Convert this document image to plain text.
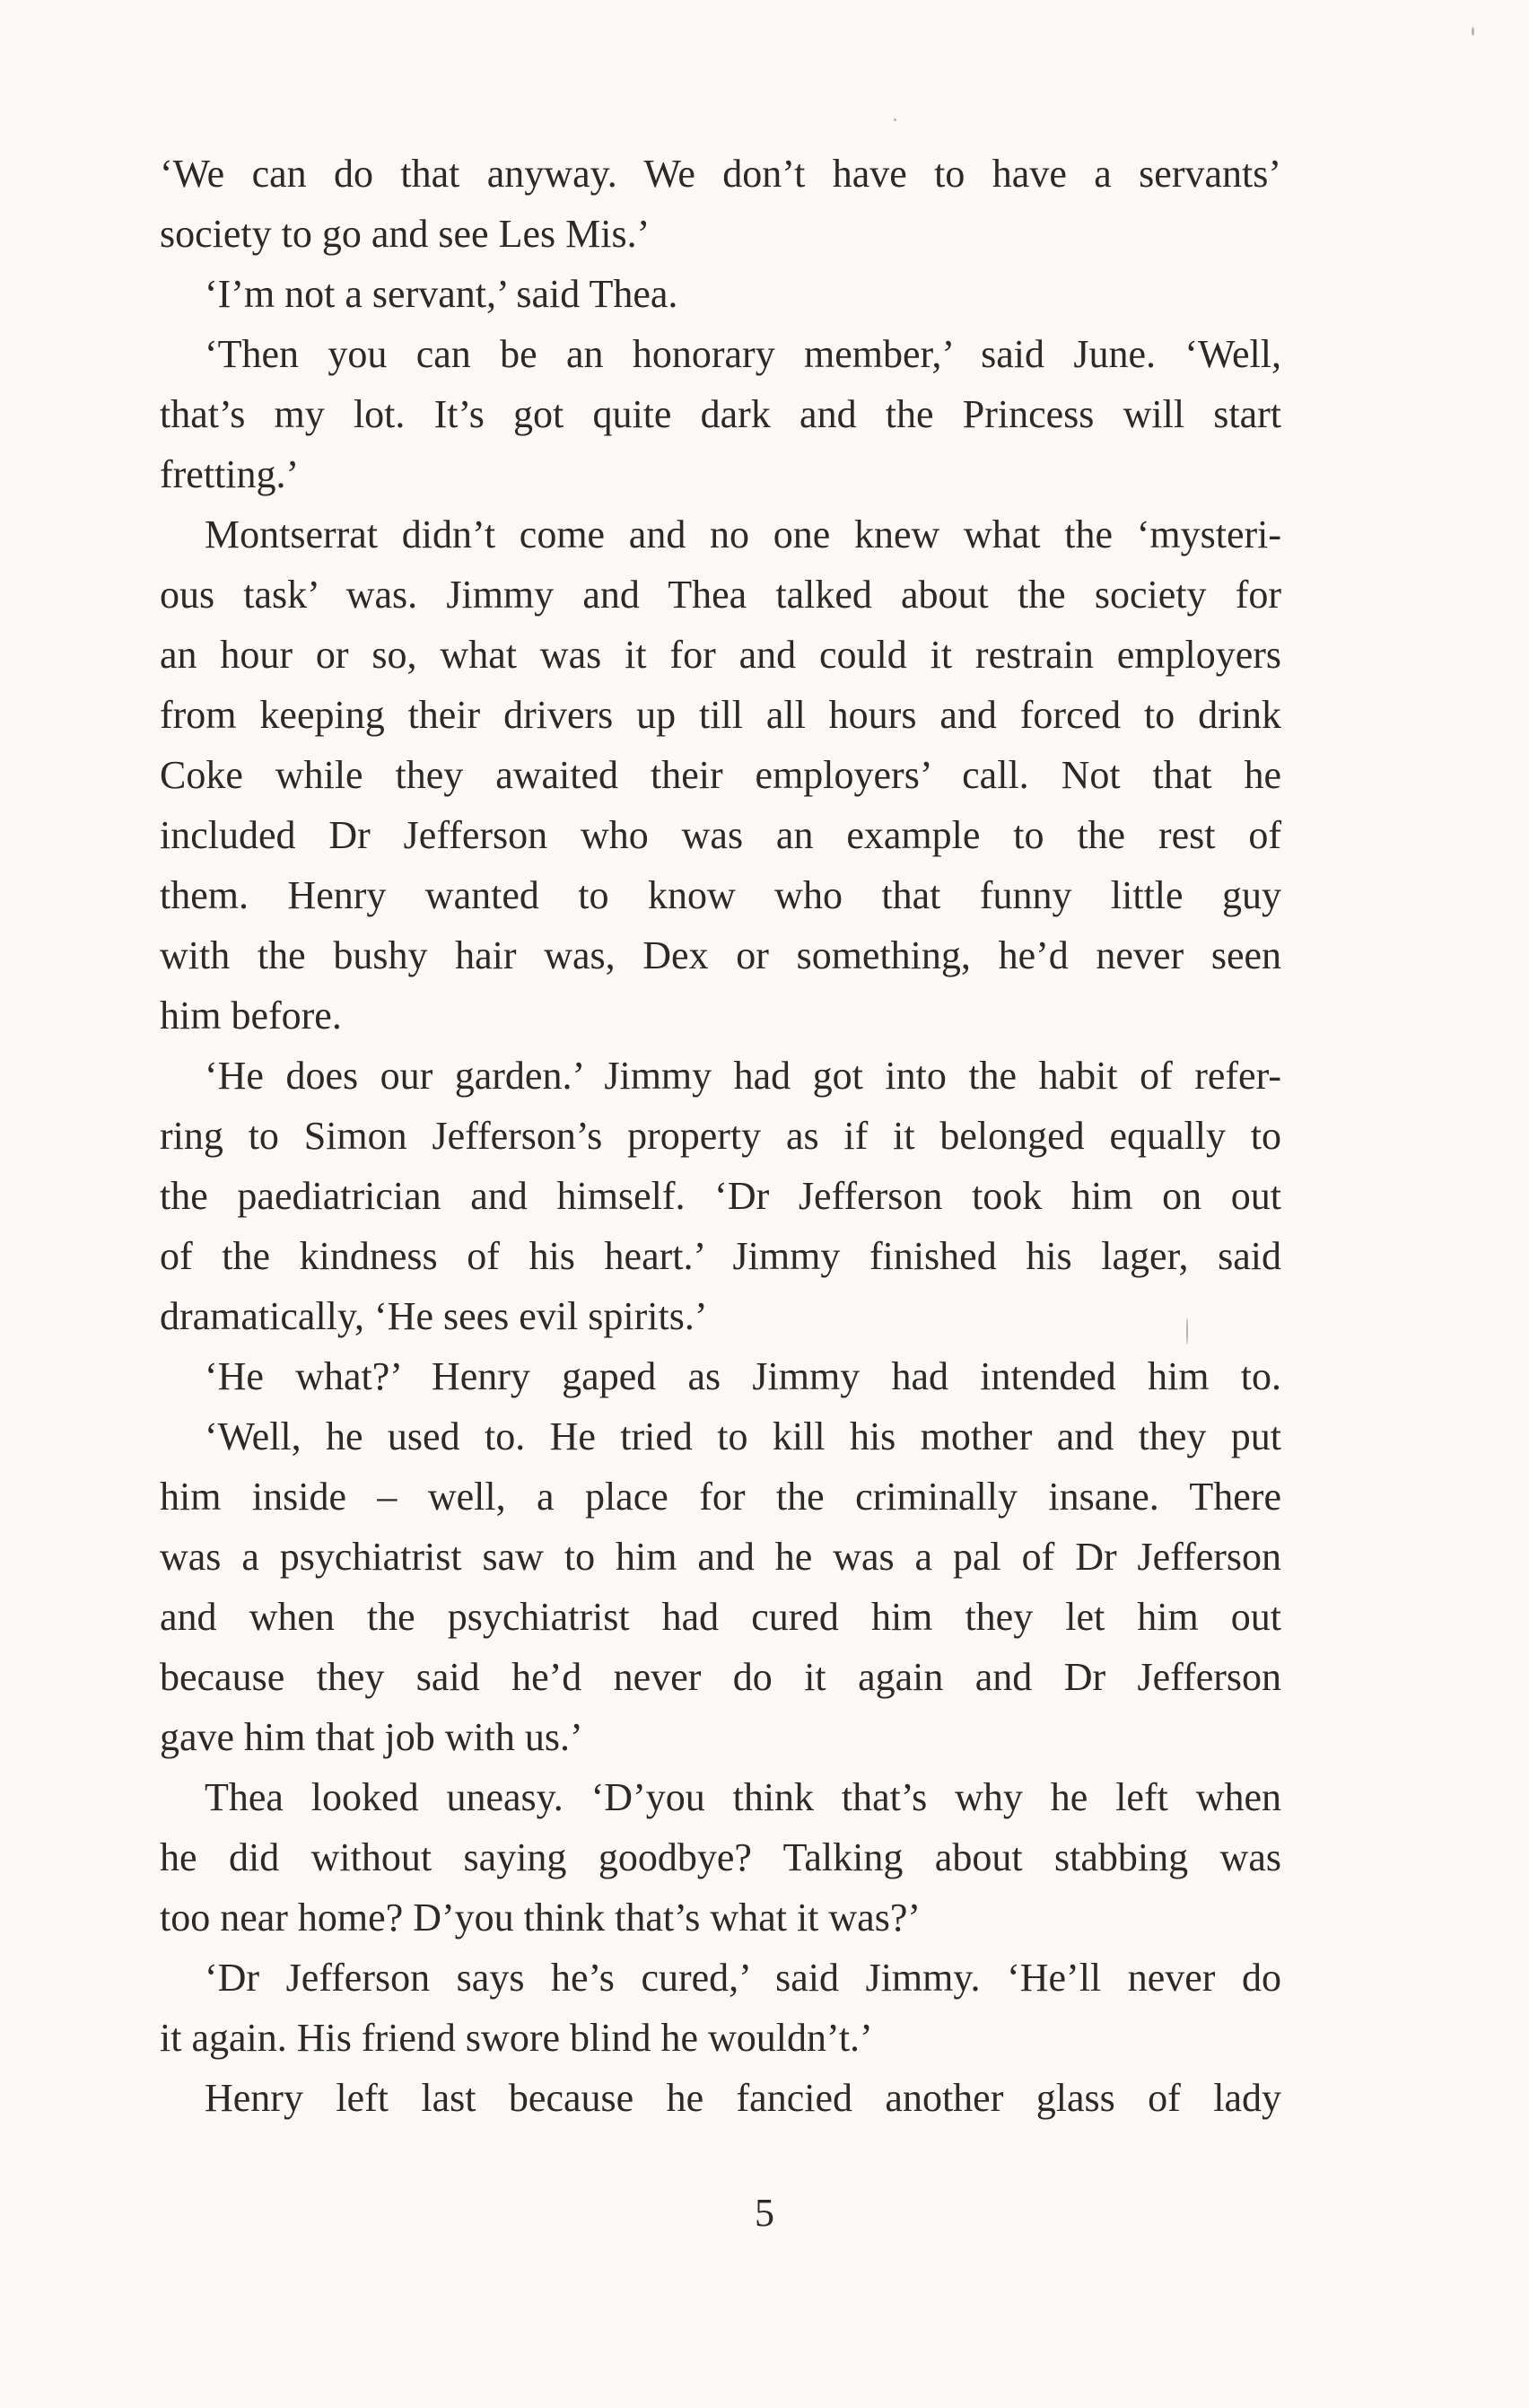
‘We can do that anyway. We don’t have to have a servants’
society to go and see Les Mis.’
‘I’m not a servant,’ said Thea.
‘Then you can be an honorary member,’ said June. ‘Well,
that’s my lot. It’s got quite dark and the Princess will start
fretting.’
Montserrat didn’t come and no one knew what the ‘mysteri-
ous task’ was. Jimmy and Thea talked about the society for
an hour or so, what was it for and could it restrain employers
from keeping their drivers up till all hours and forced to drink
Coke while they awaited their employers’ call. Not that he
included Dr Jefferson who was an example to the rest of
them. Henry wanted to know who that funny little guy
with the bushy hair was, Dex or something, he’d never seen
him before.
‘He does our garden.’ Jimmy had got into the habit of refer-
ring to Simon Jefferson’s property as if it belonged equally to
the paediatrician and himself. ‘Dr Jefferson took him on out
of the kindness of his heart.’ Jimmy finished his lager, said
dramatically, ‘He sees evil spirits.’
‘He what?’ Henry gaped as Jimmy had intended him to.
‘Well, he used to. He tried to kill his mother and they put
him inside – well, a place for the criminally insane. There
was a psychiatrist saw to him and he was a pal of Dr Jefferson
and when the psychiatrist had cured him they let him out
because they said he’d never do it again and Dr Jefferson
gave him that job with us.’
Thea looked uneasy. ‘D’you think that’s why he left when
he did without saying goodbye? Talking about stabbing was
too near home? D’you think that’s what it was?’
‘Dr Jefferson says he’s cured,’ said Jimmy. ‘He’ll never do
it again. His friend swore blind he wouldn’t.’
Henry left last because he fancied another glass of lady
5
